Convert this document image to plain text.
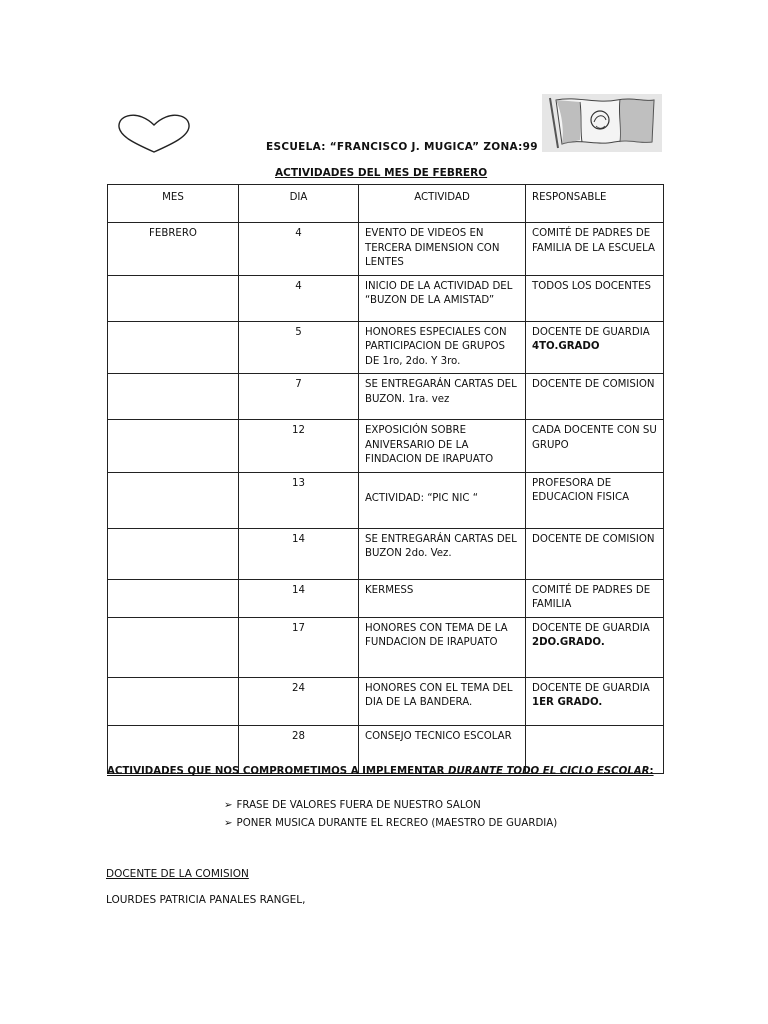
ESCUELA: “FRANCISCO J. MUGICA” ZONA:99
ACTIVIDADES DEL MES DE FEBRERO
MES	DIA	ACTIVIDAD	RESPONSABLE
FEBRERO	4	EVENTO DE VIDEOS EN TERCERA DIMENSION CON LENTES	COMITÉ DE PADRES DE FAMILIA DE LA ESCUELA

	4	INICIO DE LA ACTIVIDAD DEL “BUZON DE LA AMISTAD”	TODOS LOS DOCENTES

	5	HONORES ESPECIALES CON PARTICIPACION DE GRUPOS DE 1ro, 2do. Y 3ro.	DOCENTE DE GUARDIA
4TO.GRADO
	7	SE ENTREGARÁN CARTAS DEL BUZON. 1ra. vez	DOCENTE DE COMISION

	12	EXPOSICIÓN SOBRE ANIVERSARIO DE LA FINDACION DE IRAPUATO	CADA DOCENTE CON SU GRUPO

	13	ACTIVIDAD: “PIC NIC “	PROFESORA DE EDUCACION FISICA

	14	SE ENTREGARÁN CARTAS DEL BUZON 2do. Vez.	DOCENTE DE COMISION

	14	KERMESS	COMITÉ DE PADRES DE FAMILIA

	17	HONORES CON TEMA DE LA FUNDACION DE IRAPUATO	DOCENTE DE GUARDIA
2DO.GRADO.
	24	HONORES CON EL TEMA DEL DIA DE LA BANDERA.	DOCENTE DE GUARDIA
1ER GRADO.
	28	CONSEJO TECNICO ESCOLAR	

ACTIVIDADES QUE NOS COMPROMETIMOS A IMPLEMENTAR DURANTE TODO EL CICLO ESCOLAR:
➢ FRASE DE VALORES FUERA DE NUESTRO SALON
➢ PONER MUSICA DURANTE EL RECREO (MAESTRO DE GUARDIA)
DOCENTE DE LA COMISION
LOURDES PATRICIA PANALES RANGEL,
